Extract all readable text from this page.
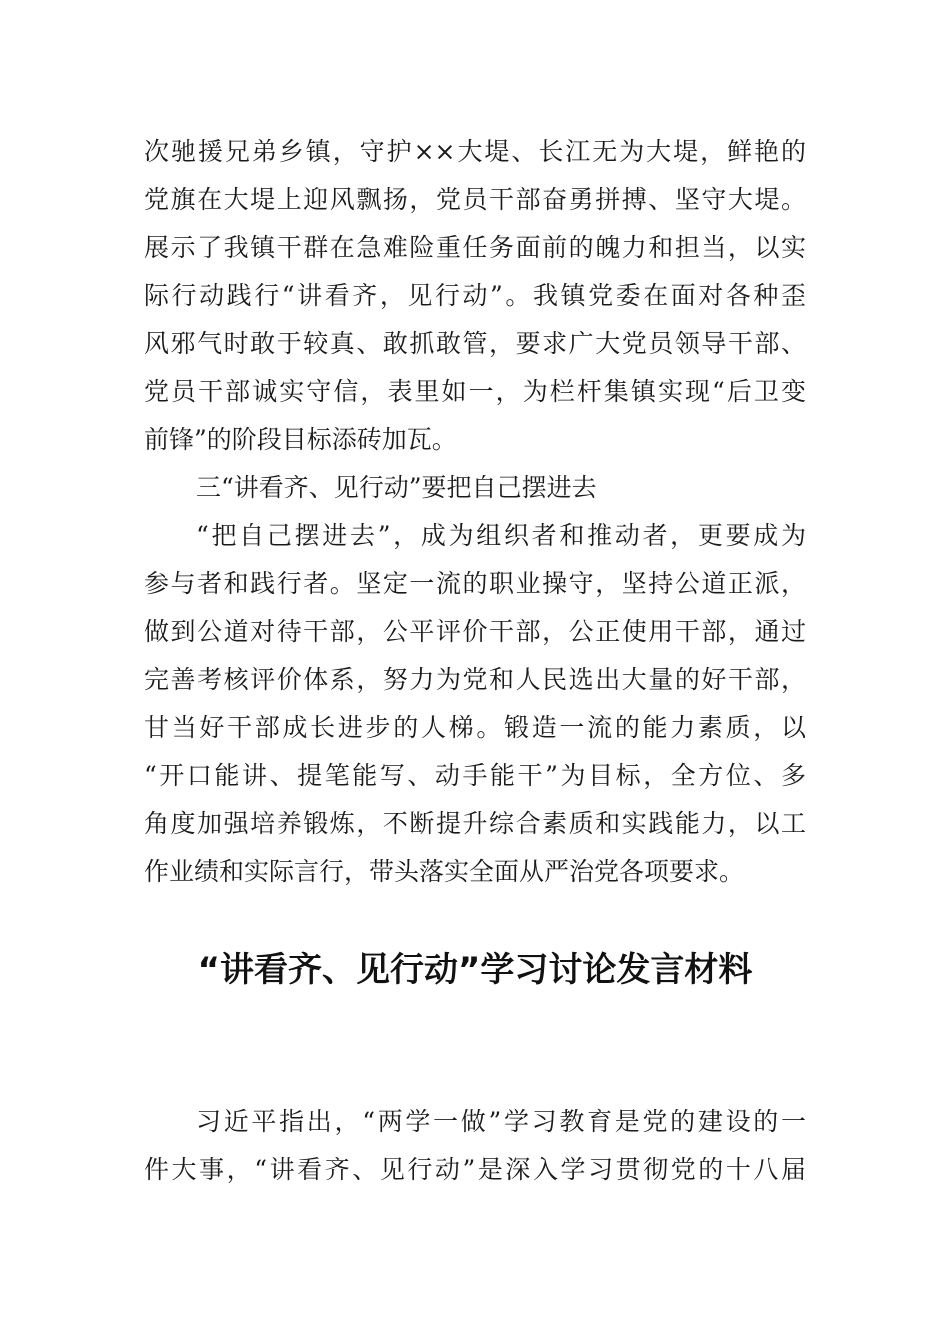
次驰援兄弟乡镇，守护××大堤、长江无为大堤，鲜艳的
党旗在大堤上迎风飘扬，党员干部奋勇拼搏、坚守大堤。
展示了我镇干群在急难险重任务面前的魄力和担当，以实
际行动践行“讲看齐，见行动”。我镇党委在面对各种歪
风邪气时敢于较真、敢抓敢管，要求广大党员领导干部、
党员干部诚实守信，表里如一，为栏杆集镇实现“后卫变
前锋”的阶段目标添砖加瓦。
三“讲看齐、见行动”要把自己摆进去
“把自己摆进去”，成为组织者和推动者，更要成为
参与者和践行者。坚定一流的职业操守，坚持公道正派，
做到公道对待干部，公平评价干部，公正使用干部，通过
完善考核评价体系，努力为党和人民选出大量的好干部，
甘当好干部成长进步的人梯。锻造一流的能力素质，以
“开口能讲、提笔能写、动手能干”为目标，全方位、多
角度加强培养锻炼，不断提升综合素质和实践能力，以工
作业绩和实际言行，带头落实全面从严治党各项要求。
“讲看齐、见行动”学习讨论发言材料
习近平指出，“两学一做”学习教育是党的建设的一
件大事，“讲看齐、见行动”是深入学习贯彻党的十八届
